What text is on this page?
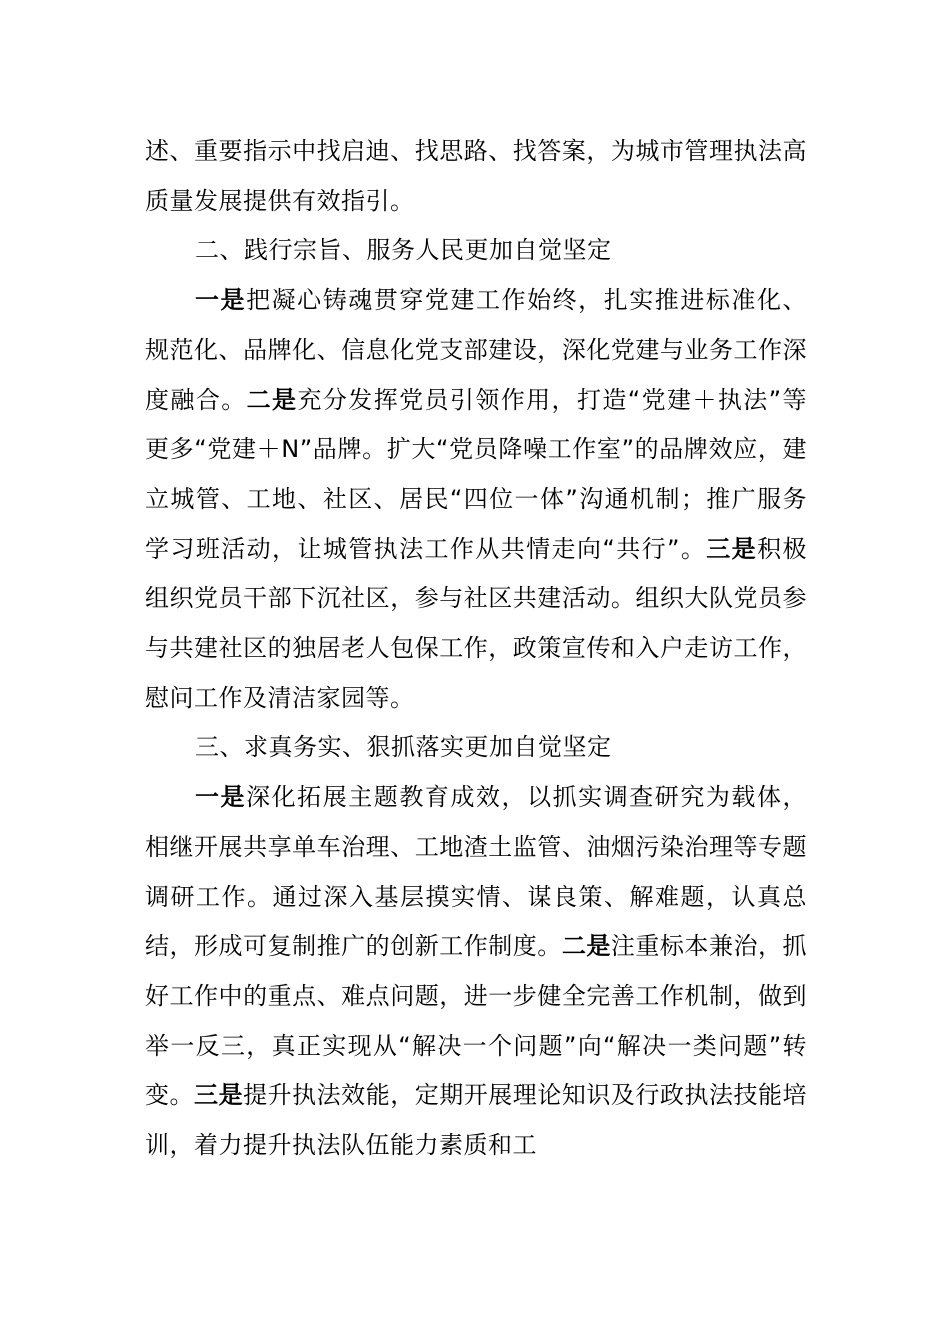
述、重要指示中找启迪、找思路、找答案，为城市管理执法高质量发展提供有效指引。

二、践行宗旨、服务人民更加自觉坚定

一是把凝心铸魂贯穿党建工作始终，扎实推进标准化、规范化、品牌化、信息化党支部建设，深化党建与业务工作深度融合。二是充分发挥党员引领作用，打造“党建＋执法”等更多“党建＋N”品牌。扩大“党员降噪工作室”的品牌效应，建立城管、工地、社区、居民“四位一体”沟通机制；推广服务学习班活动，让城管执法工作从共情走向“共行”。三是积极组织党员干部下沉社区，参与社区共建活动。组织大队党员参与共建社区的独居老人包保工作，政策宣传和入户走访工作，慰问工作及清洁家园等。

三、求真务实、狠抓落实更加自觉坚定

一是深化拓展主题教育成效，以抓实调查研究为载体，相继开展共享单车治理、工地渣土监管、油烟污染治理等专题调研工作。通过深入基层摸实情、谋良策、解难题，认真总结，形成可复制推广的创新工作制度。二是注重标本兼治，抓好工作中的重点、难点问题，进一步健全完善工作机制，做到举一反三，真正实现从“解决一个问题”向“解决一类问题”转变。三是提升执法效能，定期开展理论知识及行政执法技能培训，着力提升执法队伍能力素质和工
